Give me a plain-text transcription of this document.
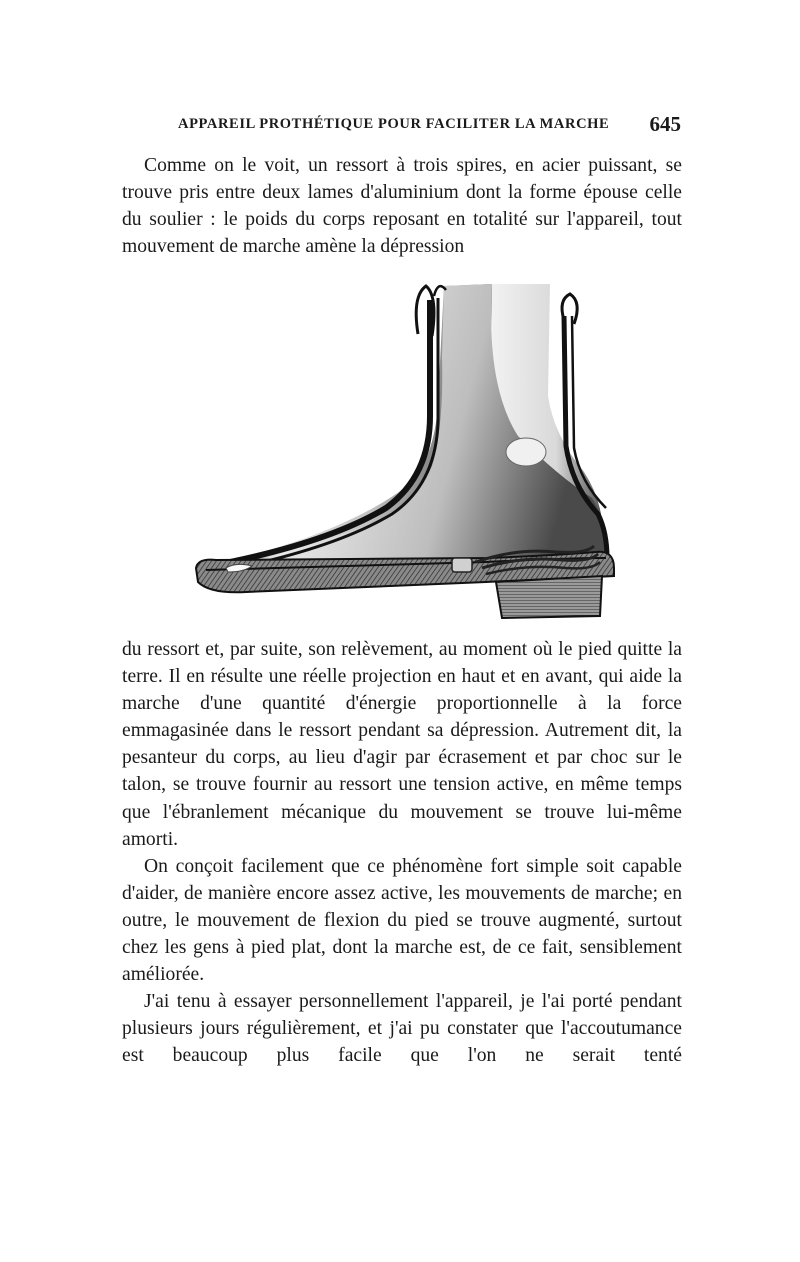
APPAREIL PROTHÉTIQUE POUR FACILITER LA MARCHE 645

Comme on le voit, un ressort à trois spires, en acier puissant, se trouve pris entre deux lames d'aluminium dont la forme épouse celle du soulier : le poids du corps reposant en totalité sur l'appareil, tout mouvement de marche amène la dépression

du ressort et, par suite, son relèvement, au moment où le pied quitte la terre. Il en résulte une réelle projection en haut et en avant, qui aide la marche d'une quantité d'énergie proportionnelle à la force emmagasinée dans le ressort pendant sa dépression. Autrement dit, la pesanteur du corps, au lieu d'agir par écrasement et par choc sur le talon, se trouve fournir au ressort une tension active, en même temps que l'ébranlement mécanique du mouvement se trouve lui-même amorti.

On conçoit facilement que ce phénomène fort simple soit capable d'aider, de manière encore assez active, les mouvements de marche; en outre, le mouvement de flexion du pied se trouve augmenté, surtout chez les gens à pied plat, dont la marche est, de ce fait, sensiblement améliorée.

J'ai tenu à essayer personnellement l'appareil, je l'ai porté pendant plusieurs jours régulièrement, et j'ai pu constater que l'accoutumance est beaucoup plus facile que l'on ne serait tenté
